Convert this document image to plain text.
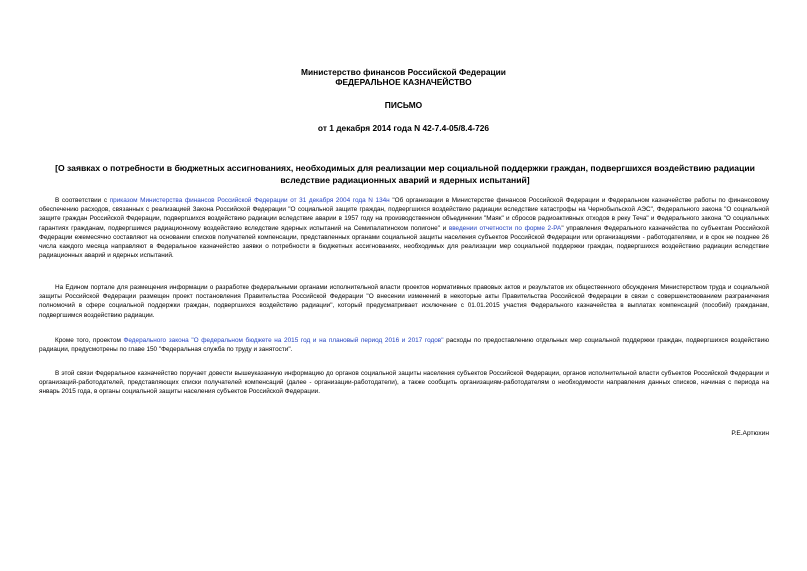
Министерство финансов Российской Федерации
ФЕДЕРАЛЬНОЕ КАЗНАЧЕЙСТВО
ПИСЬМО
от 1 декабря 2014 года N 42-7.4-05/8.4-726
[О заявках о потребности в бюджетных ассигнованиях, необходимых для реализации мер социальной поддержки граждан, подвергшихся воздействию радиации вследствие радиационных аварий и ядерных испытаний]
В соответствии с приказом Министерства финансов Российской Федерации от 31 декабря 2004 года N 134н "Об организации в Министерстве финансов Российской Федерации и Федеральном казначействе работы по финансовому обеспечению расходов, связанных с реализацией Закона Российской Федерации "О социальной защите граждан, подвергшихся воздействию радиации вследствие катастрофы на Чернобыльской АЭС", Федерального закона "О социальной защите граждан Российской Федерации, подвергшихся воздействию радиации вследствие аварии в 1957 году на производственном объединении "Маяк" и сбросов радиоактивных отходов в реку Теча" и Федерального закона "О социальных гарантиях гражданам, подвергшимся радиационному воздействию вследствие ядерных испытаний на Семипалатинском полигоне" и введении отчетности по форме 2-РА" управления Федерального казначейства по субъектам Российской Федерации ежемесячно составляют на основании списков получателей компенсации, представленных органами социальной защиты населения субъектов Российской Федерации или организациями - работодателями, и в срок не позднее 26 числа каждого месяца направляют в Федеральное казначейство заявки о потребности в бюджетных ассигнованиях, необходимых для реализации мер социальной поддержки граждан, подвергшихся воздействию радиации вследствие радиационных аварий и ядерных испытаний.
На Едином портале для размещения информации о разработке федеральными органами исполнительной власти проектов нормативных правовых актов и результатов их общественного обсуждения Министерством труда и социальной защиты Российской Федерации размещен проект постановления Правительства Российской Федерации "О внесении изменений в некоторые акты Правительства Российской Федерации в связи с совершенствованием разграничения полномочий в сфере социальной поддержки граждан, подвергшихся воздействию радиации", который предусматривает исключение с 01.01.2015 участия Федерального казначейства в выплатах компенсаций (пособий) гражданам, подвергшимся воздействию радиации.
Кроме того, проектом Федерального закона "О федеральном бюджете на 2015 год и на плановый период 2016 и 2017 годов" расходы по предоставлению отдельных мер социальной поддержки граждан, подвергшихся воздействию радиации, предусмотрены по главе 150 "Федеральная служба по труду и занятости".
В этой связи Федеральное казначейство поручает довести вышеуказанную информацию до органов социальной защиты населения субъектов Российской Федерации, органов исполнительной власти субъектов Российской Федерации и организаций-работодателей, представляющих списки получателей компенсаций (далее - организации-работодатели), а также сообщить организациям-работодателям о необходимости направления данных списков, начиная с периода на январь 2015 года, в органы социальной защиты населения субъектов Российской Федерации.
Р.Е.Артюхин
